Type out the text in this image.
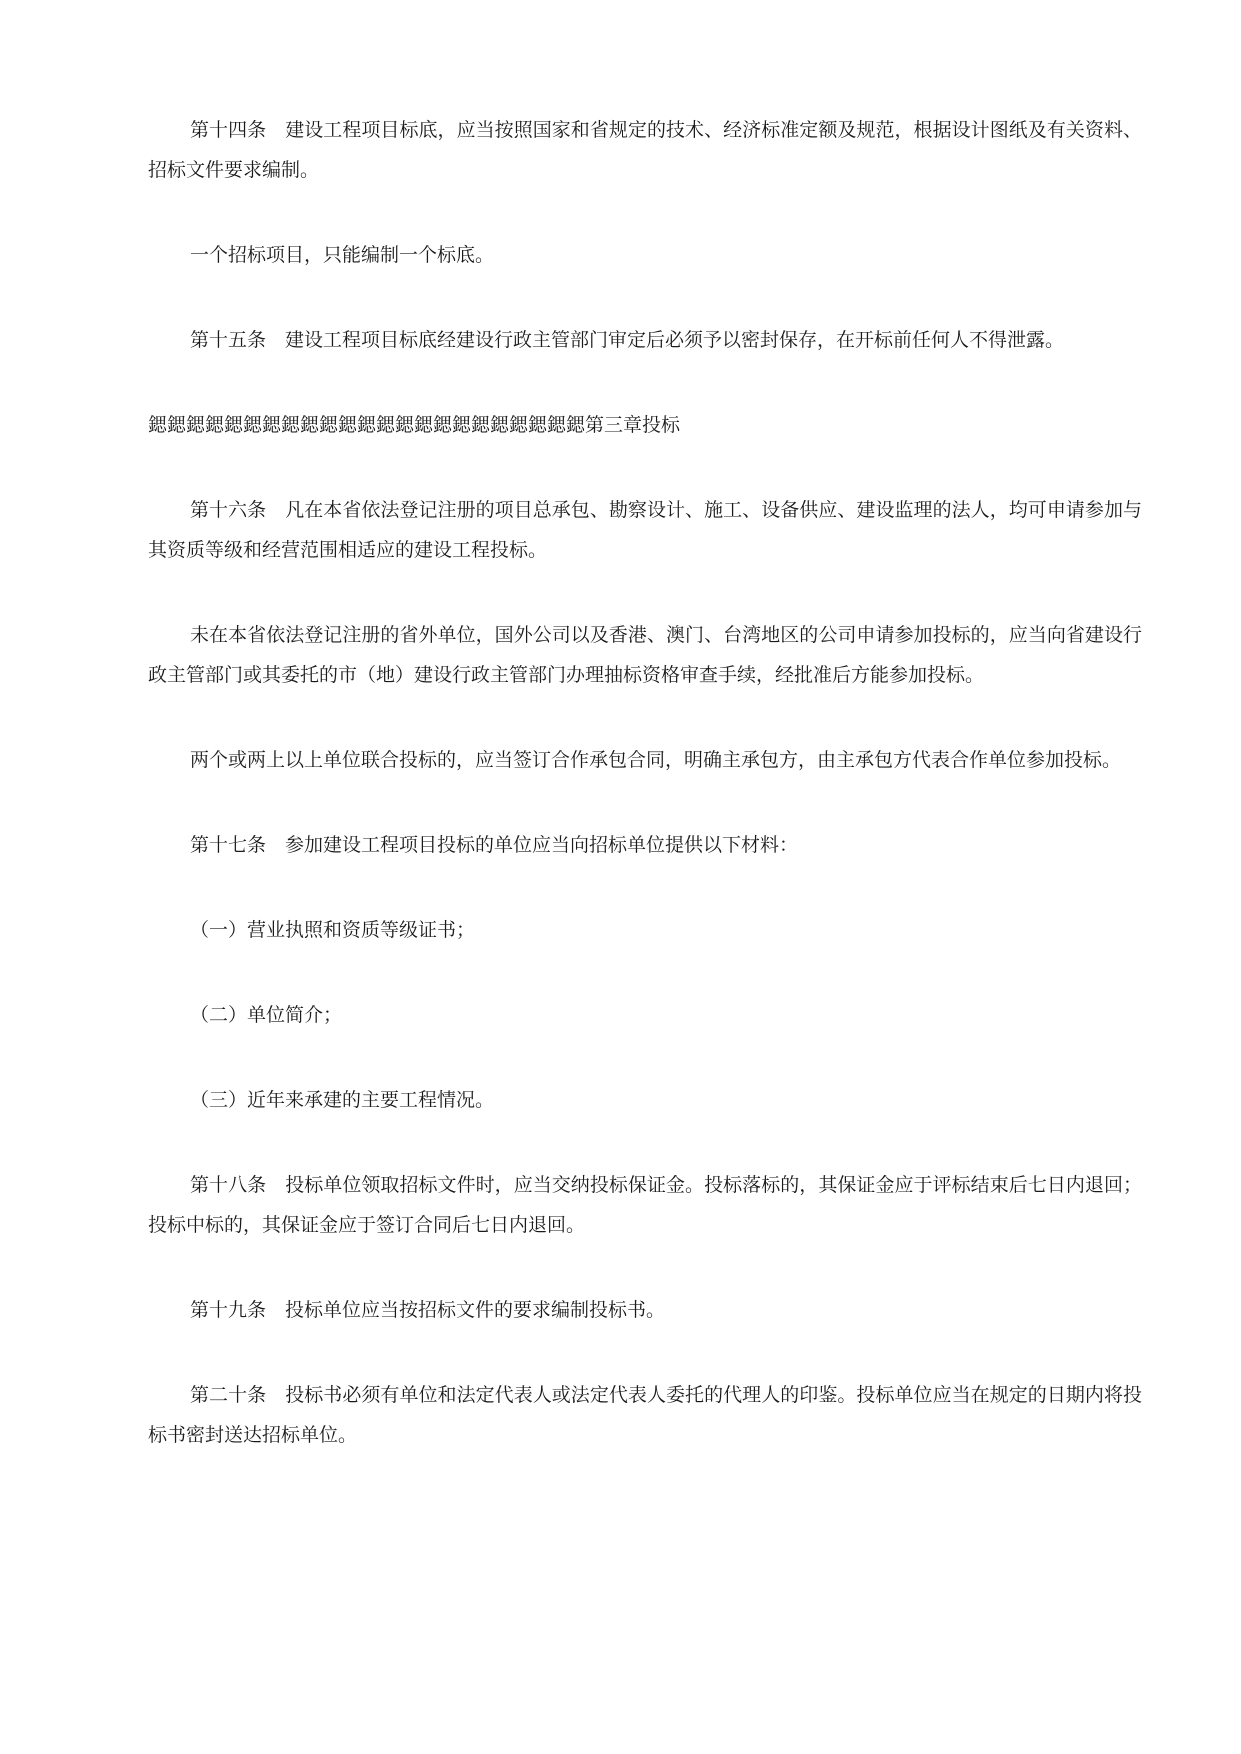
第十四条　建设工程项目标底，应当按照国家和省规定的技术、经济标准定额及规范，根据设计图纸及有关资料、招标文件要求编制。

一个招标项目，只能编制一个标底。

第十五条　建设工程项目标底经建设行政主管部门审定后必须予以密封保存，在开标前任何人不得泄露。

鍶鍶鍶鍶鍶鍶鍶鍶鍶鍶鍶鍶鍶鍶鍶鍶鍶鍶鍶鍶鍶鍶鍶第三章投标

第十六条　凡在本省依法登记注册的项目总承包、勘察设计、施工、设备供应、建设监理的法人，均可申请参加与其资质等级和经营范围相适应的建设工程投标。

未在本省依法登记注册的省外单位，国外公司以及香港、澳门、台湾地区的公司申请参加投标的，应当向省建设行政主管部门或其委托的市（地）建设行政主管部门办理抽标资格审查手续，经批准后方能参加投标。

两个或两上以上单位联合投标的，应当签订合作承包合同，明确主承包方，由主承包方代表合作单位参加投标。

第十七条　参加建设工程项目投标的单位应当向招标单位提供以下材料：

（一）营业执照和资质等级证书；

（二）单位简介；

（三）近年来承建的主要工程情况。

第十八条　投标单位领取招标文件时，应当交纳投标保证金。投标落标的，其保证金应于评标结束后七日内退回；投标中标的，其保证金应于签订合同后七日内退回。

第十九条　投标单位应当按招标文件的要求编制投标书。

第二十条　投标书必须有单位和法定代表人或法定代表人委托的代理人的印鉴。投标单位应当在规定的日期内将投标书密封送达招标单位。
